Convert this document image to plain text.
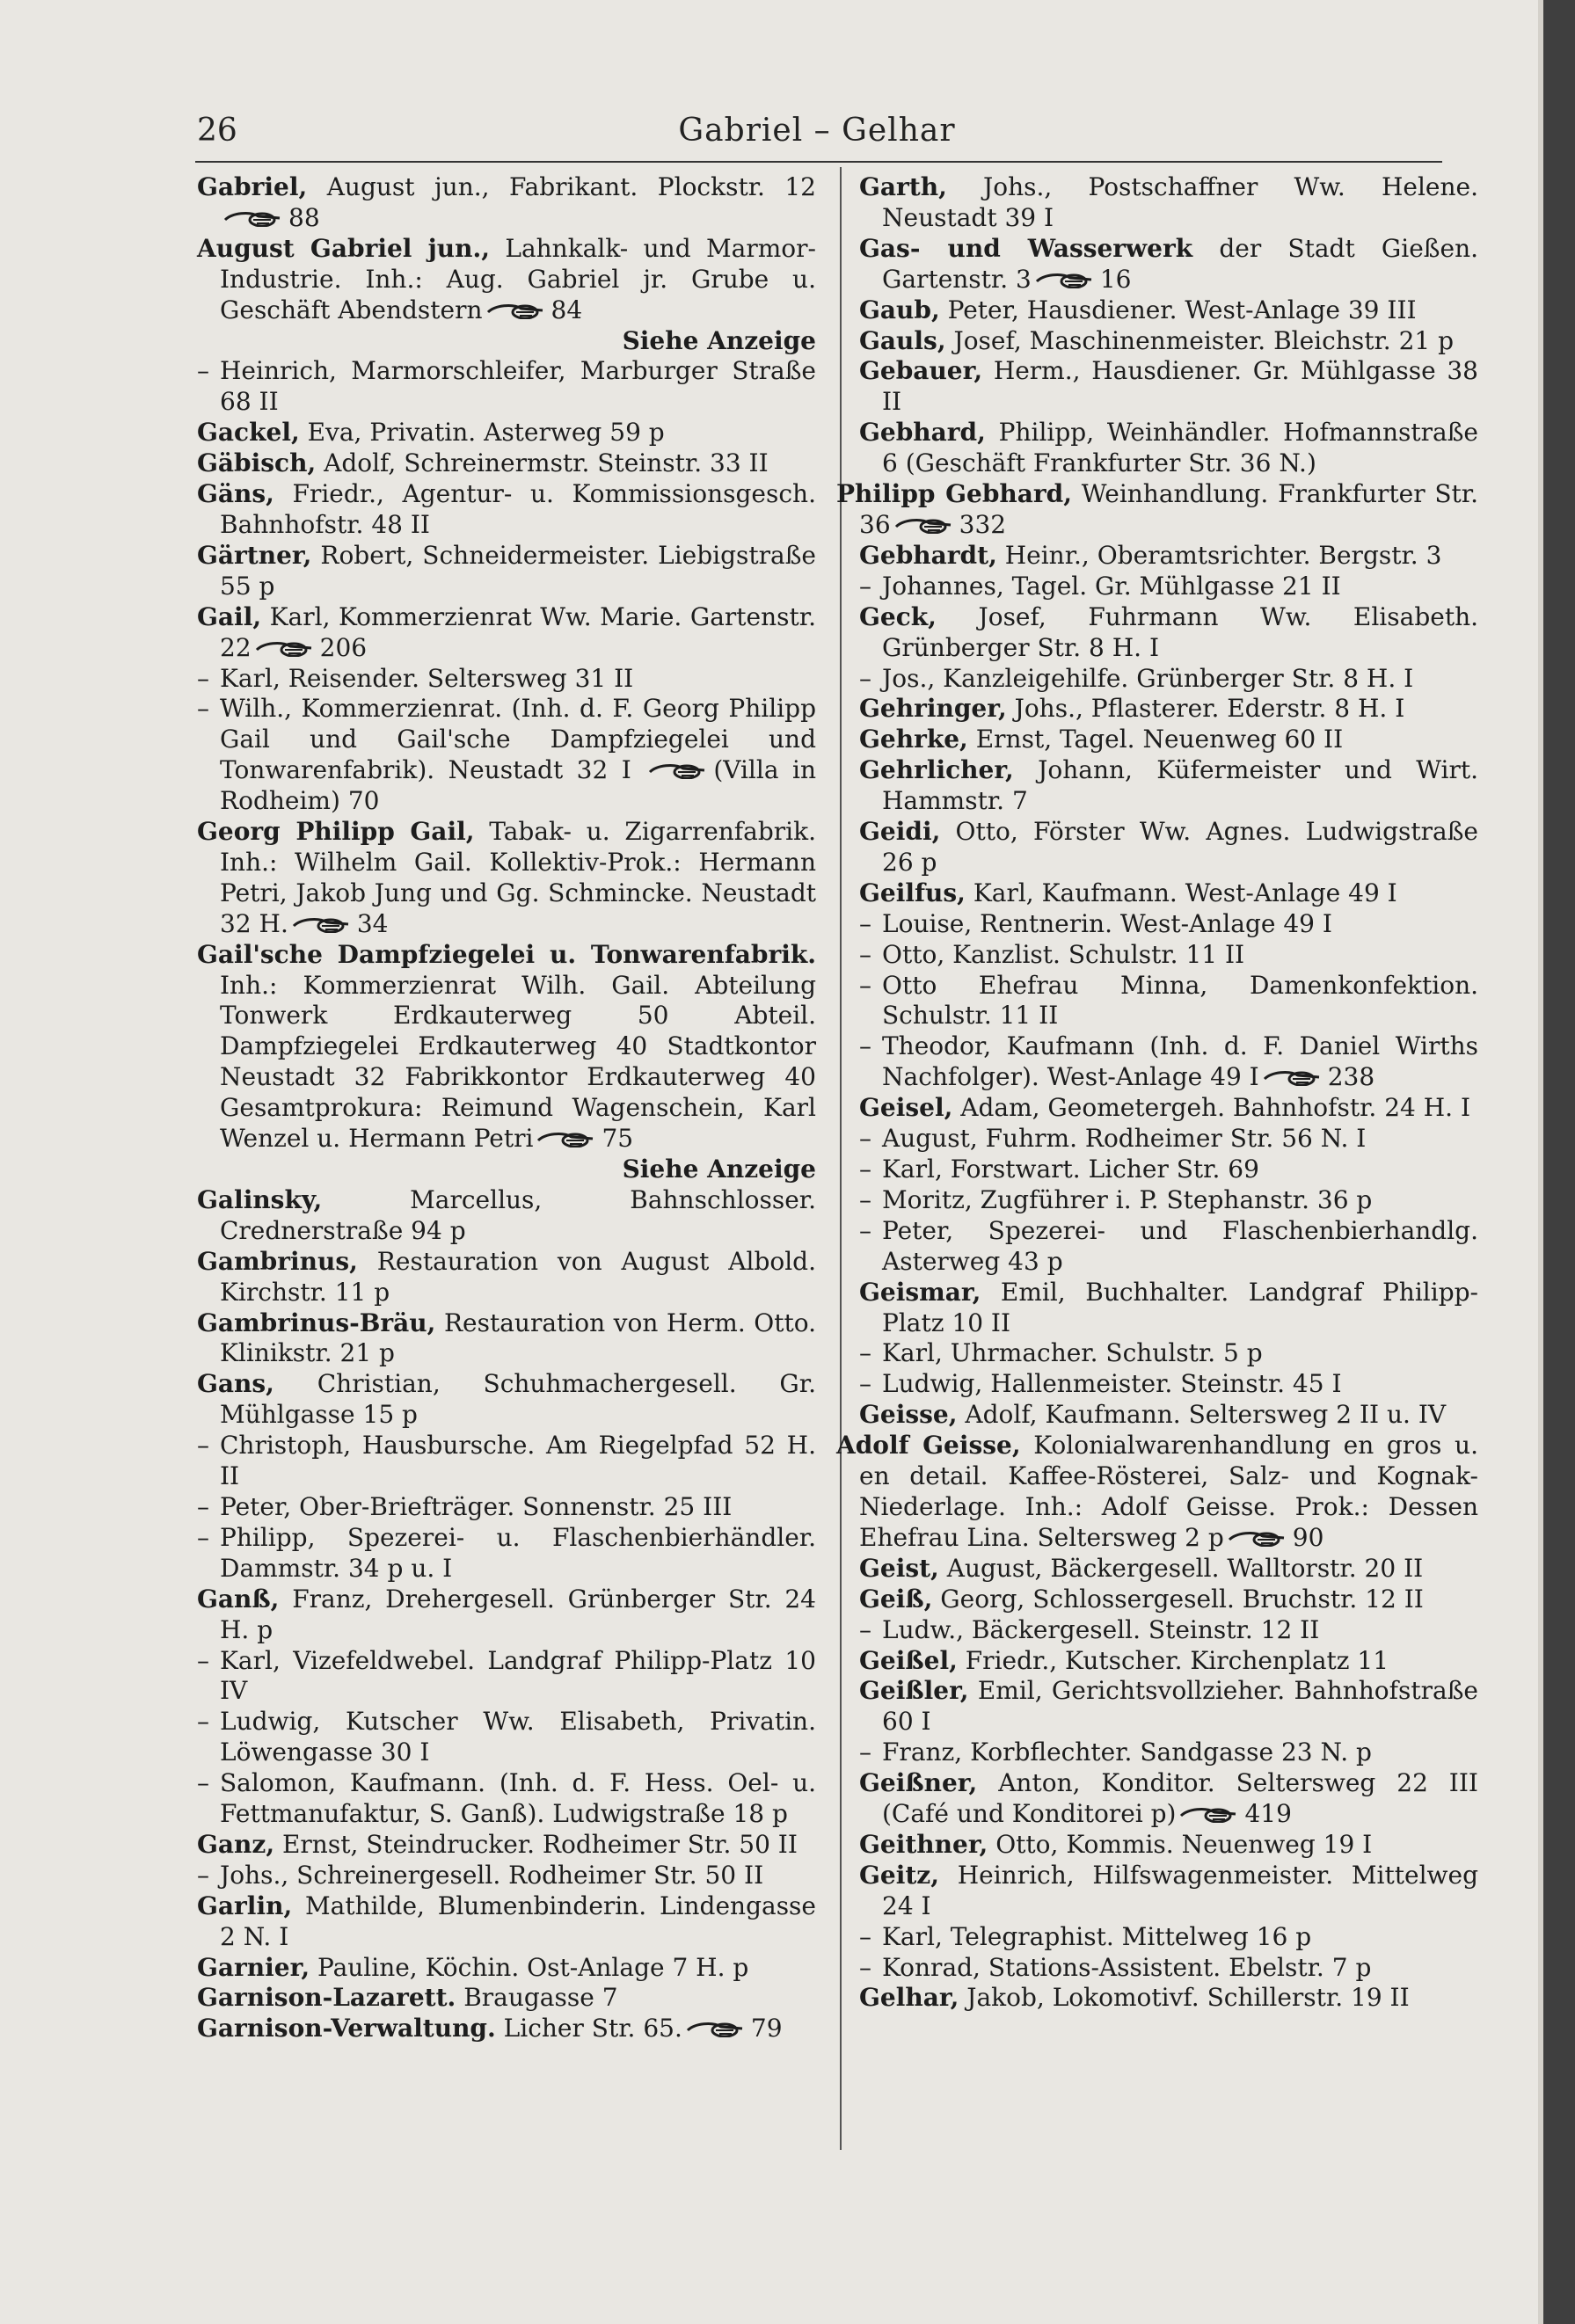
26	Gabriel – Gelhar

Gabriel, August jun., Fabrikant. Plockstr. 12
88

August Gabriel jun., Lahnkalk- und Marmor-Industrie. Inh.: Aug. Gabriel jr. Grube u. Geschäft Abendstern	84
Siehe Anzeige

– Heinrich, Marmorschleifer, Marburger Straße 68 II

Gackel, Eva, Privatin. Asterweg 59 p

Gäbisch, Adolf, Schreinermstr. Steinstr. 33 II

Gäns, Friedr., Agentur- u. Kommissionsgesch. Bahnhofstr. 48 II

Gärtner, Robert, Schneidermeister. Liebigstraße 55 p

Gail, Karl, Kommerzienrat Ww. Marie. Gartenstr. 22	206

– Karl, Reisender. Seltersweg 31 II

– Wilh., Kommerzienrat. (Inh. d. F. Georg Philipp Gail und Gail'sche Dampfziegelei und Tonwarenfabrik). Neustadt 32 I	(Villa in Rodheim) 70

Georg Philipp Gail, Tabak- u. Zigarrenfabrik. Inh.: Wilhelm Gail. Kollektiv-Prok.: Hermann Petri, Jakob Jung und Gg. Schmincke. Neustadt 32 H.	34

Gail'sche Dampfziegelei u. Tonwarenfabrik. Inh.: Kommerzienrat Wilh. Gail. Abteilung Tonwerk Erdkauterweg 50 Abteil. Dampfziegelei Erdkauterweg 40 Stadtkontor Neustadt 32 Fabrikkontor Erdkauterweg 40 Gesamtprokura: Reimund Wagenschein, Karl Wenzel u. Hermann Petri	75
Siehe Anzeige

Galinsky,	Marcellus, Bahnschlosser. Crednerstraße 94 p

Gambrinus, Restauration von August Albold. Kirchstr. 11 p

Gambrinus-Bräu, Restauration von Herm. Otto. Klinikstr. 21 p

Gans, Christian, Schuhmachergesell. Gr. Mühlgasse 15 p

– Christoph, Hausbursche. Am Riegelpfad 52 H. II

– Peter, Ober-Briefträger. Sonnenstr. 25 III

– Philipp, Spezerei- u. Flaschenbierhändler. Dammstr. 34 p u. I

Ganß, Franz, Drehergesell. Grünberger Str. 24 H. p

– Karl, Vizefeldwebel. Landgraf Philipp-Platz 10 IV

– Ludwig, Kutscher Ww. Elisabeth, Privatin. Löwengasse 30 I

– Salomon, Kaufmann. (Inh. d. F. Hess. Oel- u. Fettmanufaktur, S. Ganß). Ludwigstraße 18 p

Ganz, Ernst, Steindrucker. Rodheimer Str. 50 II

– Johs., Schreinergesell. Rodheimer Str. 50 II

Garlin, Mathilde, Blumenbinderin. Lindengasse 2 N. I

Garnier, Pauline, Köchin. Ost-Anlage 7 H. p

Garnison-Lazarett. Braugasse 7

Garnison-Verwaltung. Licher Str. 65.	79

Garth, Johs., Postschaffner Ww. Helene. Neustadt 39 I

Gas- und Wasserwerk der Stadt Gießen. Gartenstr. 3	16

Gaub, Peter, Hausdiener. West-Anlage 39 III

Gauls, Josef, Maschinenmeister. Bleichstr. 21 p

Gebauer, Herm., Hausdiener. Gr. Mühlgasse 38 II

Gebhard, Philipp, Weinhändler. Hofmannstraße 6 (Geschäft Frankfurter Str. 36 N.)

Philipp Gebhard, Weinhandlung. Frankfurter Str. 36	332

Gebhardt, Heinr., Oberamtsrichter. Bergstr. 3

– Johannes, Tagel. Gr. Mühlgasse 21 II

Geck, Josef, Fuhrmann Ww. Elisabeth. Grünberger Str. 8 H. I

– Jos., Kanzleigehilfe. Grünberger Str. 8 H. I

Gehringer, Johs., Pflasterer. Ederstr. 8 H. I

Gehrke, Ernst, Tagel. Neuenweg 60 II

Gehrlicher, Johann, Küfermeister und Wirt. Hammstr. 7

Geidi, Otto, Förster Ww. Agnes. Ludwigstraße 26 p

Geilfus, Karl, Kaufmann. West-Anlage 49 I

– Louise, Rentnerin. West-Anlage 49 I

– Otto, Kanzlist. Schulstr. 11 II

– Otto Ehefrau Minna, Damenkonfektion. Schulstr. 11 II

– Theodor, Kaufmann (Inh. d. F. Daniel Wirths Nachfolger). West-Anlage 49 I	238

Geisel, Adam, Geometergeh. Bahnhofstr. 24 H. I

– August, Fuhrm. Rodheimer Str. 56 N. I

– Karl, Forstwart. Licher Str. 69

– Moritz, Zugführer i. P. Stephanstr. 36 p

– Peter, Spezerei- und Flaschenbierhandlg. Asterweg 43 p

Geismar, Emil, Buchhalter. Landgraf Philipp-Platz 10 II

– Karl, Uhrmacher. Schulstr. 5 p

– Ludwig, Hallenmeister. Steinstr. 45 I

Geisse, Adolf, Kaufmann. Seltersweg 2 II u. IV

Adolf Geisse, Kolonialwarenhandlung en gros u. en detail. Kaffee-Rösterei, Salz- und Kognak-Niederlage. Inh.: Adolf Geisse. Prok.: Dessen Ehefrau Lina. Seltersweg 2 p	90

Geist, August, Bäckergesell. Walltorstr. 20 II

Geiß, Georg, Schlossergesell. Bruchstr. 12 II

– Ludw., Bäckergesell. Steinstr. 12 II

Geißel, Friedr., Kutscher. Kirchenplatz 11

Geißler, Emil, Gerichtsvollzieher. Bahnhofstraße 60 I

– Franz, Korbflechter. Sandgasse 23 N. p

Geißner, Anton, Konditor. Seltersweg 22 III (Café und Konditorei p)	419

Geithner, Otto, Kommis. Neuenweg 19 I

Geitz, Heinrich, Hilfswagenmeister. Mittelweg 24 I

– Karl, Telegraphist. Mittelweg 16 p

– Konrad, Stations-Assistent. Ebelstr. 7 p

Gelhar, Jakob, Lokomotivf. Schillerstr. 19 II
